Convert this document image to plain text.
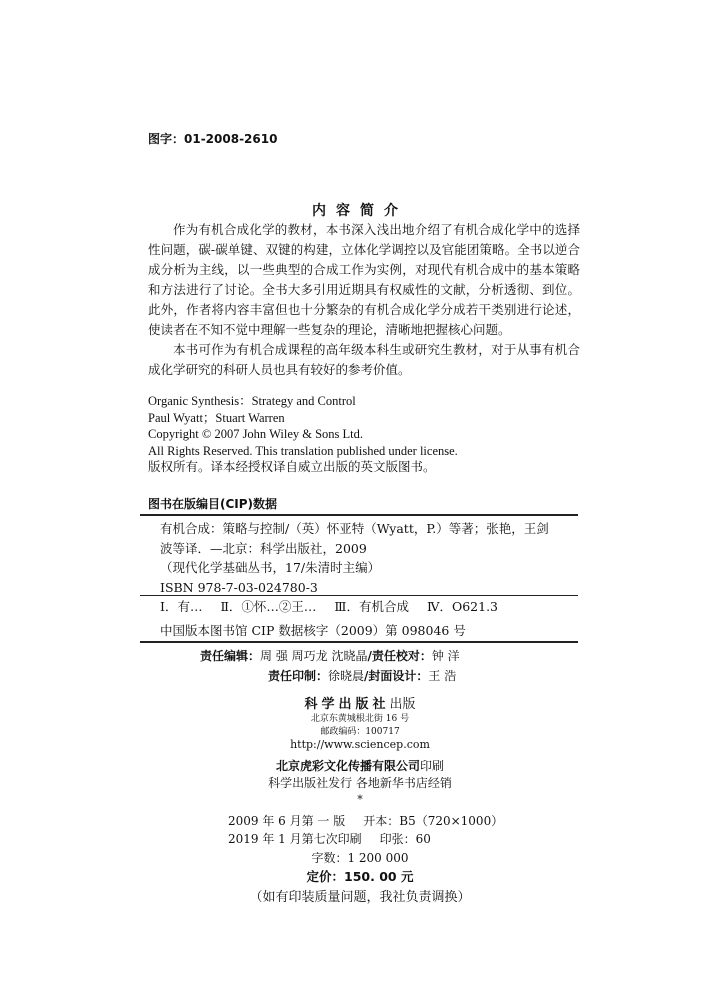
图字：01-2008-2610
内容简介

作为有机合成化学的教材，本书深入浅出地介绍了有机合成化学中的选择性问题，碳-碳单键、双键的构建，立体化学调控以及官能团策略。全书以逆合成分析为主线，以一些典型的合成工作为实例，对现代有机合成中的基本策略和方法进行了讨论。全书大多引用近期具有权威性的文献，分析透彻、到位。此外，作者将内容丰富但也十分繁杂的有机合成化学分成若干类别进行论述，使读者在不知不觉中理解一些复杂的理论，清晰地把握核心问题。

本书可作为有机合成课程的高年级本科生或研究生教材，对于从事有机合成化学研究的科研人员也具有较好的参考价值。

Organic Synthesis：Strategy and Control
Paul Wyatt；Stuart Warren
Copyright © 2007 John Wiley & Sons Ltd.
All Rights Reserved. This translation published under license.
版权所有。译本经授权译自威立出版的英文版图书。
图书在版编目(CIP)数据
有机合成：策略与控制/（英）怀亚特（Wyatt，P.）等著；张艳，王剑
波等译．—北京：科学出版社，2009
（现代化学基础丛书，17/朱清时主编）
ISBN 978-7-03-024780-3
Ⅰ．有… Ⅱ．①怀…②王… Ⅲ．有机合成 Ⅳ．O621.3
中国版本图书馆 CIP 数据核字（2009）第 098046 号
责任编辑：周 强 周巧龙 沈晓晶/责任校对：钟 洋
责任印制：徐晓晨/封面设计：王 浩
科学出版社出版
北京东黄城根北街 16 号
邮政编码：100717
http://www.sciencep.com
北京虎彩文化传播有限公司印刷
科学出版社发行 各地新华书店经销
*
2009 年 6 月第 一 版 开本：B5（720×1000）
2019 年 1 月第七次印刷 印张：60
字数：1 200 000
定价：150. 00 元
（如有印装质量问题，我社负责调换）
